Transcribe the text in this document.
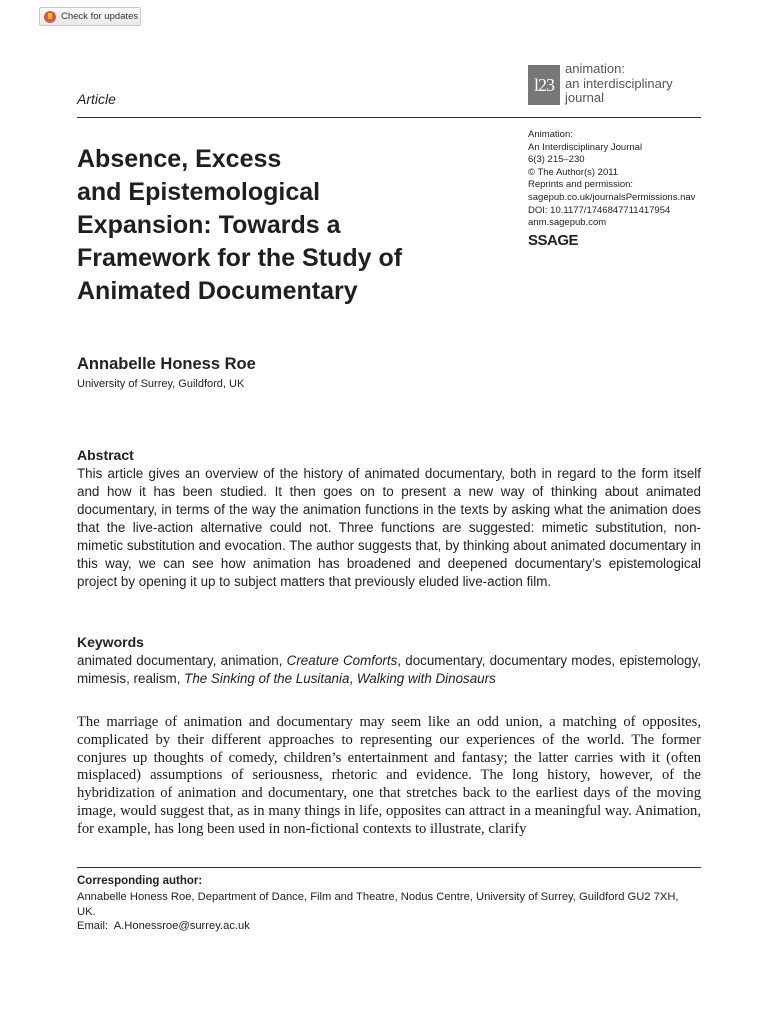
Check for updates
l23
animation:
an interdisciplinary
journal
Article
Absence, Excess
and Epistemological
Expansion: Towards a
Framework for the Study of
Animated Documentary
Animation:
An Interdisciplinary Journal
6(3) 215–230
© The Author(s) 2011
Reprints and permission:
sagepub.co.uk/journalsPermissions.nav
DOI: 10.1177/1746847711417954
anm.sagepub.com
SSAGE
Annabelle Honess Roe
University of Surrey, Guildford, UK
Abstract

This article gives an overview of the history of animated documentary, both in regard to the form itself and how it has been studied. It then goes on to present a new way of thinking about animated documentary, in terms of the way the animation functions in the texts by asking what the animation does that the live-action alternative could not. Three functions are suggested: mimetic substitution, non-mimetic substitution and evocation. The author suggests that, by thinking about animated documentary in this way, we can see how animation has broadened and deepened documentary’s epistemological project by opening it up to subject matters that previously eluded live-action film.

Keywords

animated documentary, animation, Creature Comforts, documentary, documentary modes, epistemology, mimesis, realism, The Sinking of the Lusitania, Walking with Dinosaurs

The marriage of animation and documentary may seem like an odd union, a matching of opposites, complicated by their different approaches to representing our experiences of the world. The former conjures up thoughts of comedy, children’s entertainment and fantasy; the latter carries with it (often misplaced) assumptions of seriousness, rhetoric and evidence. The long history, however, of the hybridization of animation and documentary, one that stretches back to the earliest days of the moving image, would suggest that, as in many things in life, opposites can attract in a meaningful way. Animation, for example, has long been used in non-fictional contexts to illustrate, clarify

Corresponding author:

Annabelle Honess Roe, Department of Dance, Film and Theatre, Nodus Centre, University of Surrey, Guildford GU2 7XH, UK.

Email: A.Honessroe@surrey.ac.uk
